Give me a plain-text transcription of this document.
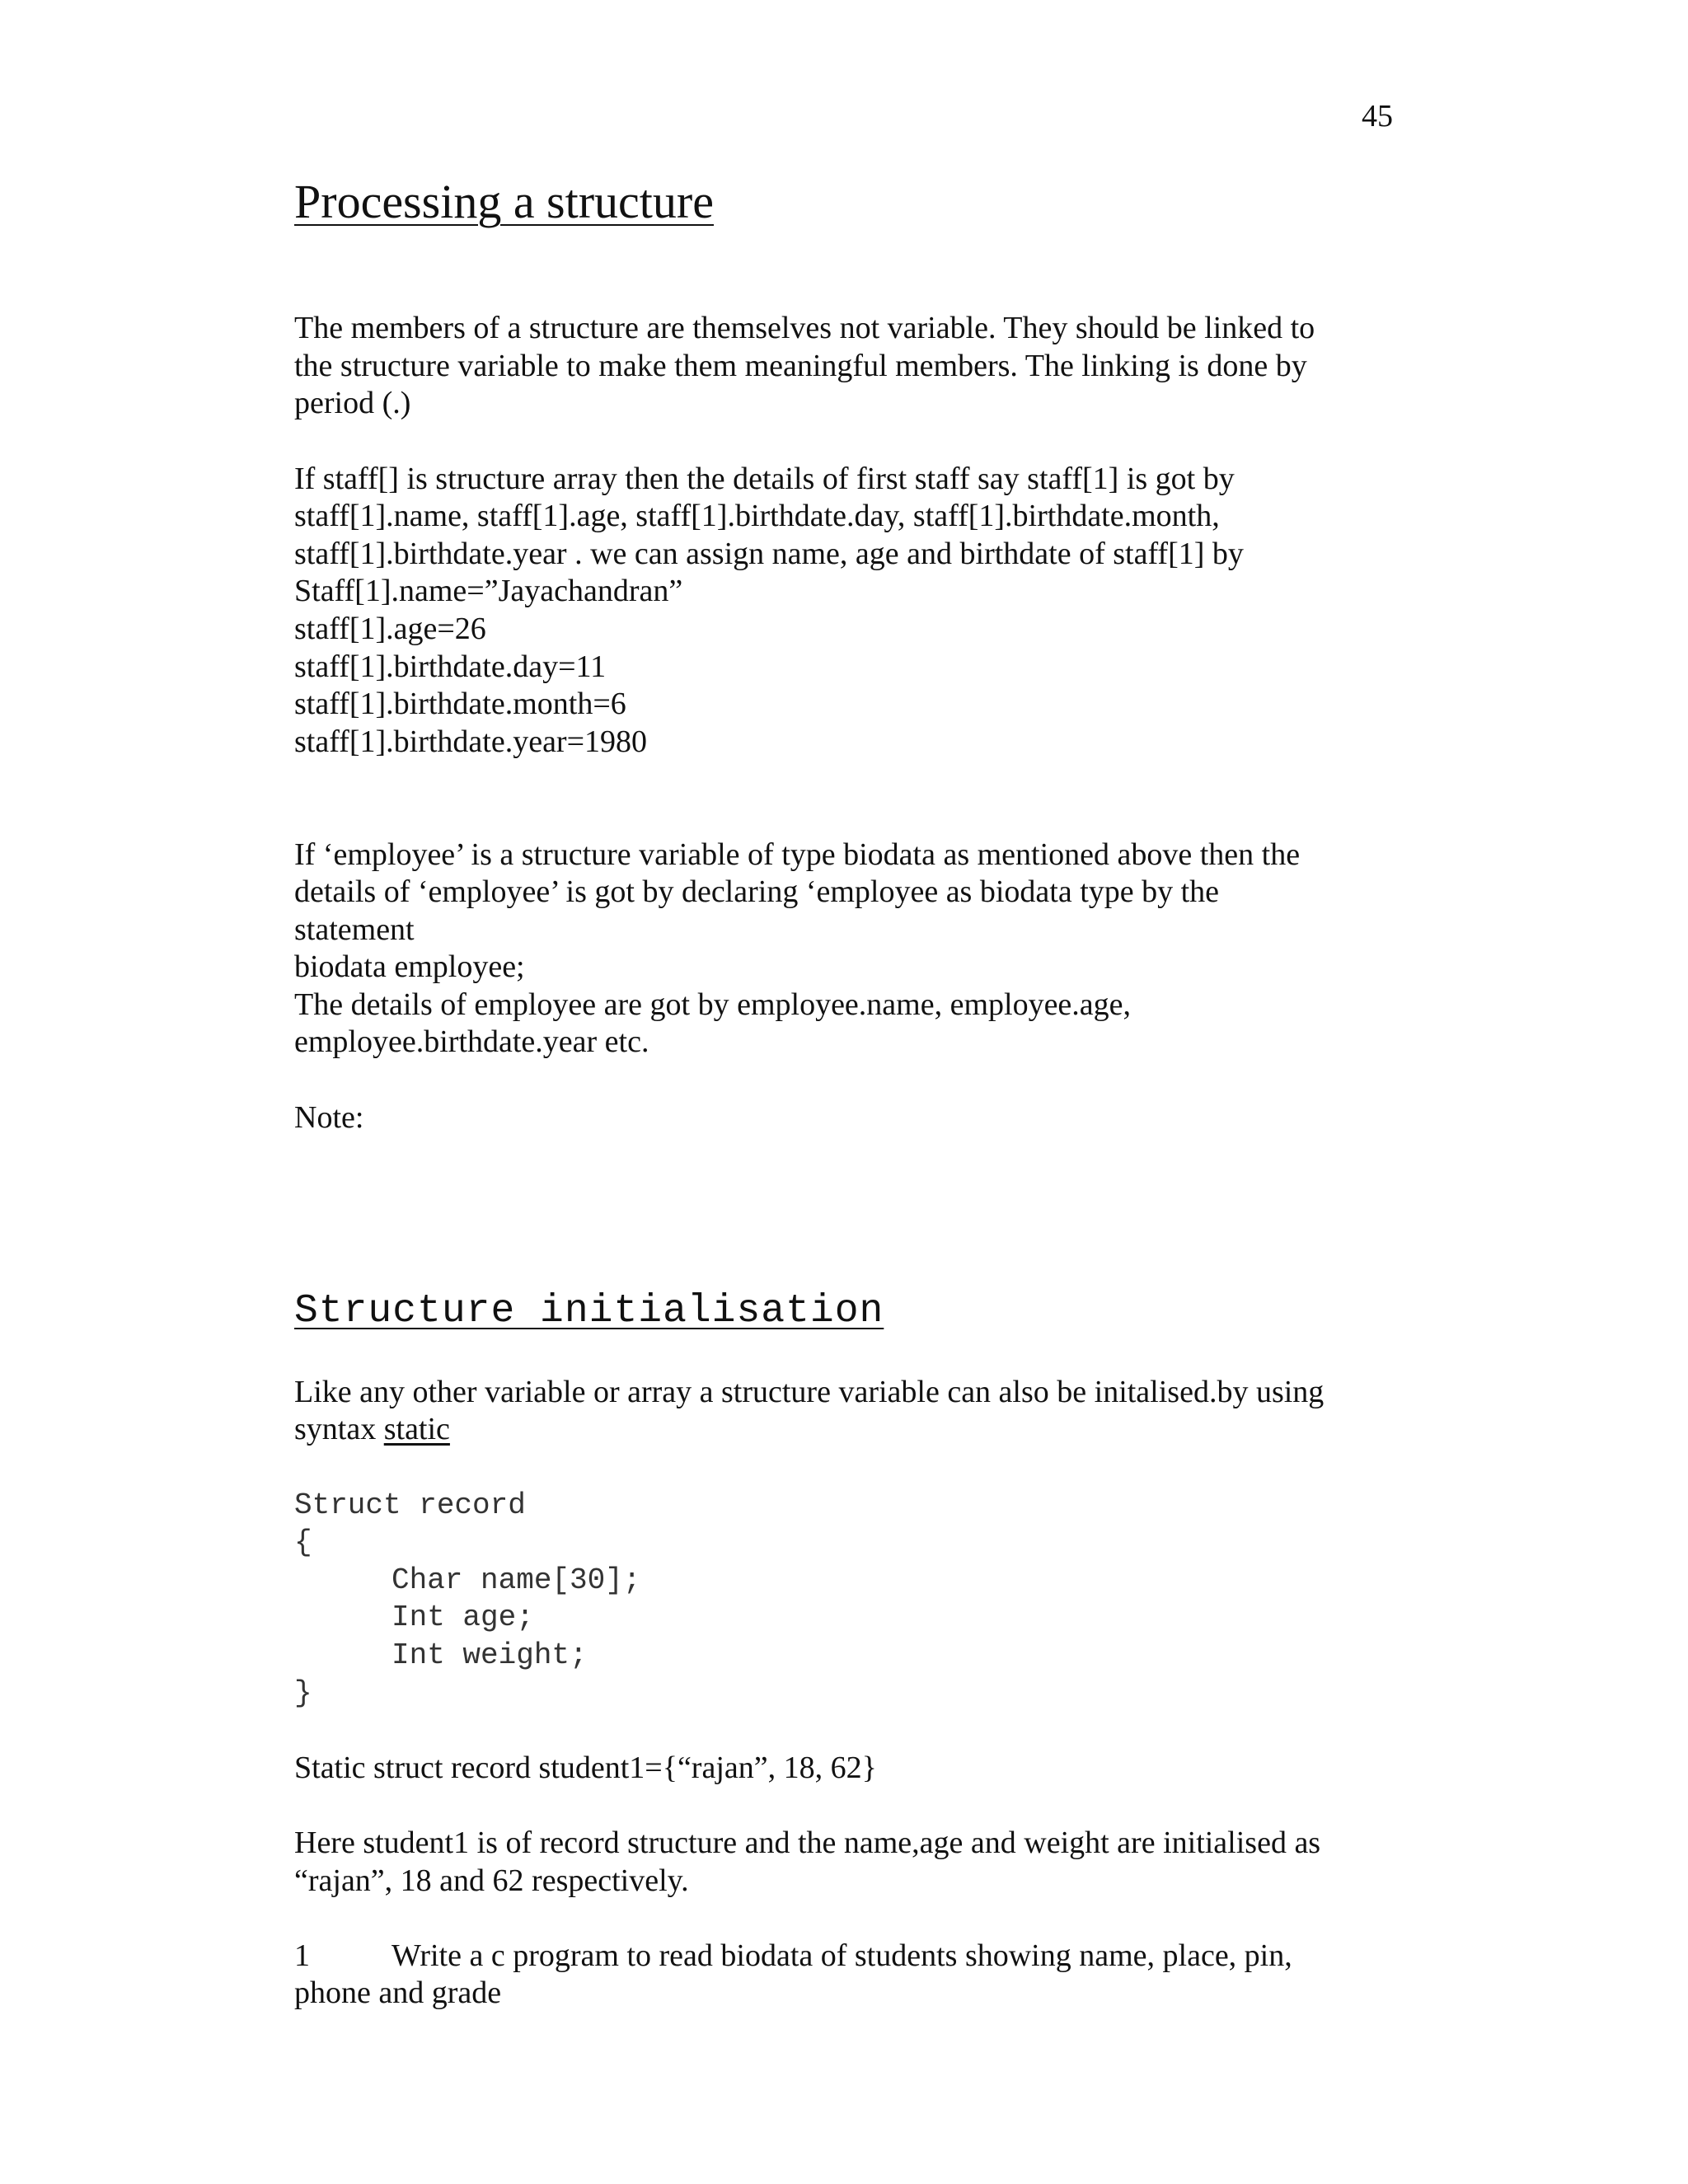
45
Processing a structure
The members of a structure are themselves not variable. They should be linked to
the structure variable to make them meaningful members. The linking is done by
period (.)
If staff[] is structure array then the details of first staff say staff[1] is got by
staff[1].name, staff[1].age, staff[1].birthdate.day, staff[1].birthdate.month,
staff[1].birthdate.year . we can assign name, age and birthdate of staff[1] by
Staff[1].name=”Jayachandran”
staff[1].age=26
staff[1].birthdate.day=11
staff[1].birthdate.month=6
staff[1].birthdate.year=1980
If ‘employee’ is a structure variable of type biodata as mentioned above then the
details of ‘employee’ is got by declaring ‘employee as biodata type by the
statement
biodata employee;
The details of employee are got by employee.name, employee.age,
employee.birthdate.year etc.
Note:
Structure initialisation
Like any other variable or array a structure variable can also be initalised.by using
syntax static
Struct record
{
Char name[30];
Int age;
Int weight;
}
Static struct record student1={“rajan”, 18, 62}
Here student1 is of record structure and the name,age and weight are initialised as
“rajan”, 18 and 62 respectively.
1	Write a c program to read biodata of students showing name, place, pin,
phone and grade
